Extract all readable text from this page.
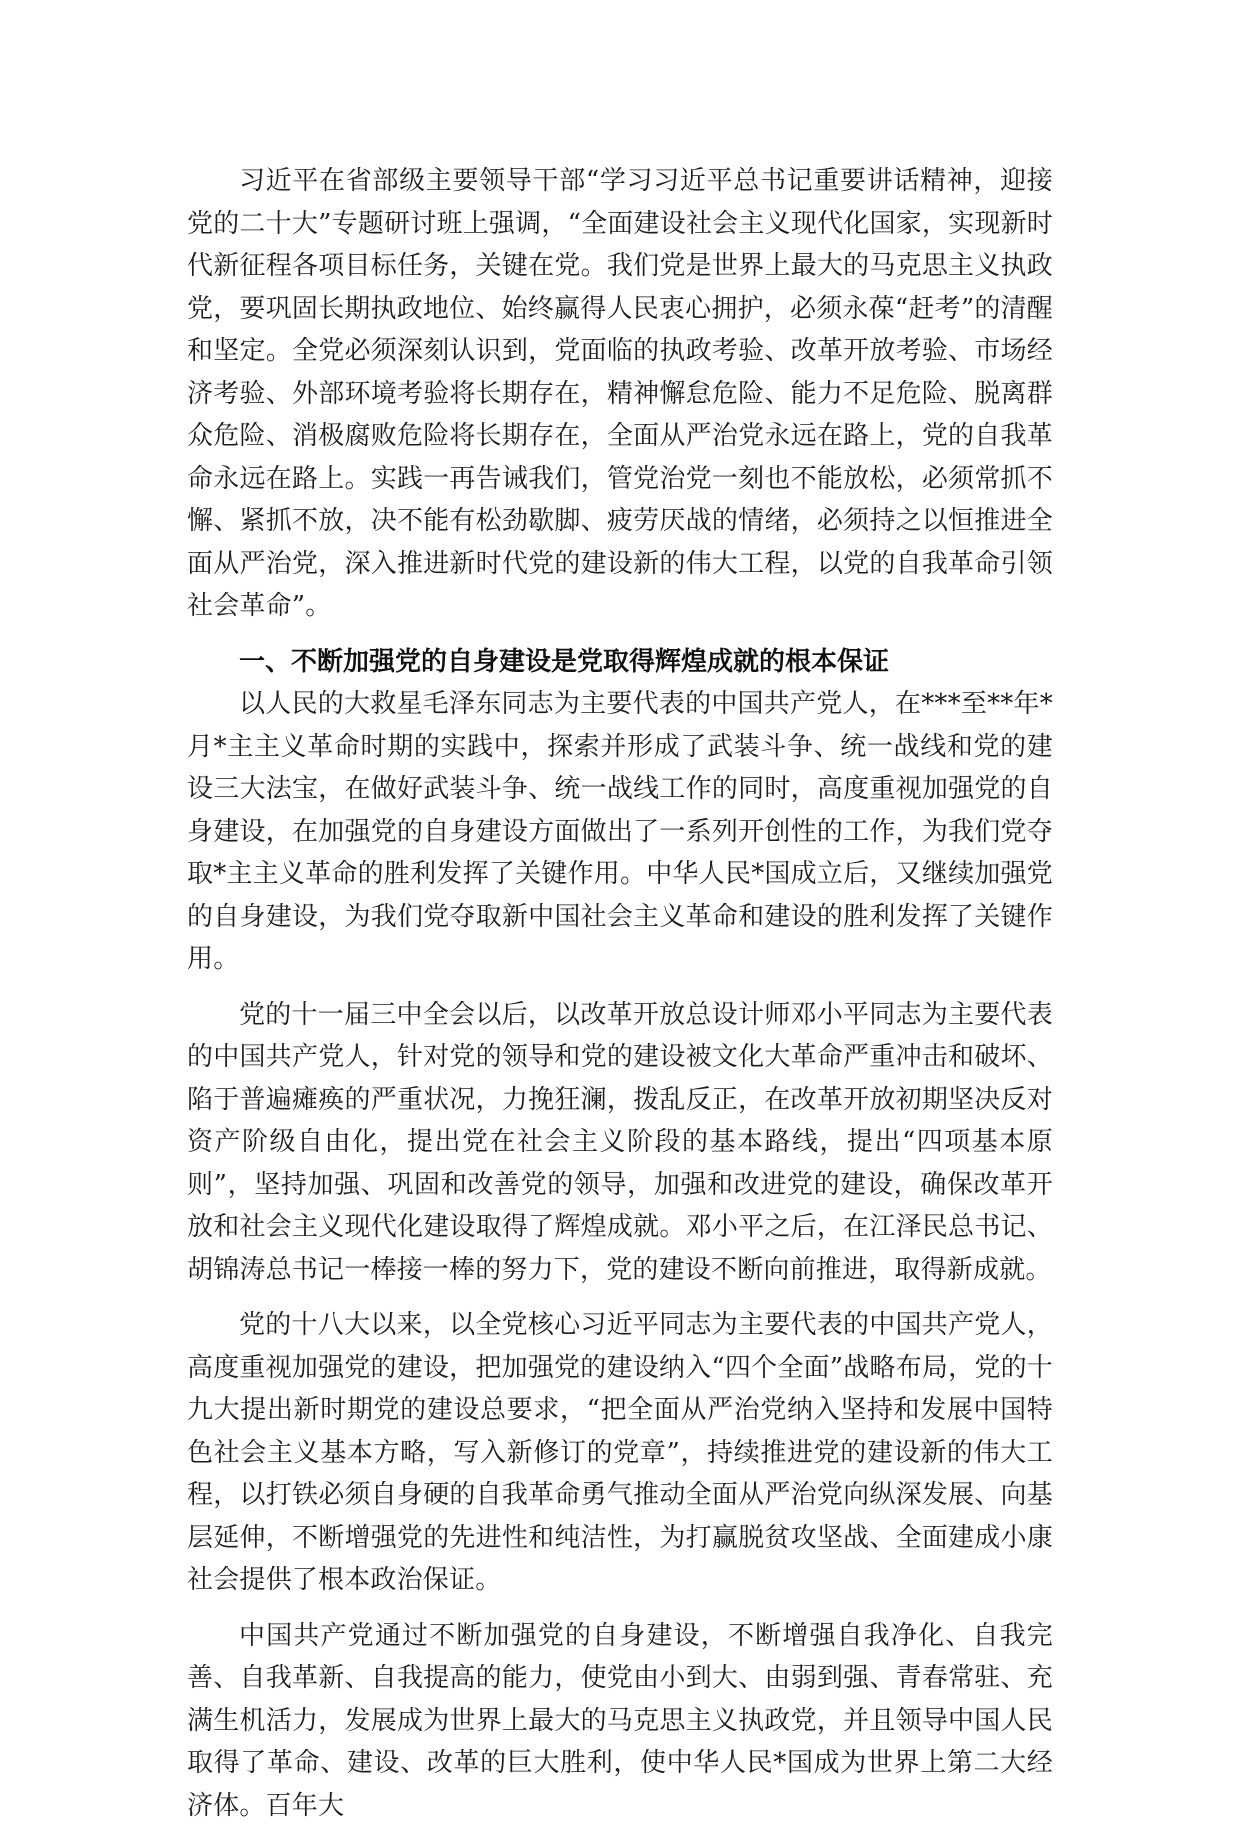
习近平在省部级主要领导干部“学习习近平总书记重要讲话精神，迎接党的二十大”专题研讨班上强调，“全面建设社会主义现代化国家，实现新时代新征程各项目标任务，关键在党。我们党是世界上最大的马克思主义执政党，要巩固长期执政地位、始终赢得人民衷心拥护，必须永葆“赶考”的清醒和坚定。全党必须深刻认识到，党面临的执政考验、改革开放考验、市场经济考验、外部环境考验将长期存在，精神懈怠危险、能力不足危险、脱离群众危险、消极腐败危险将长期存在，全面从严治党永远在路上，党的自我革命永远在路上。实践一再告诫我们，管党治党一刻也不能放松，必须常抓不懈、紧抓不放，决不能有松劲歇脚、疲劳厌战的情绪，必须持之以恒推进全面从严治党，深入推进新时代党的建设新的伟大工程，以党的自我革命引领社会革命”。

一、不断加强党的自身建设是党取得辉煌成就的根本保证

以人民的大救星毛泽东同志为主要代表的中国共产党人，在***至**年*月*主主义革命时期的实践中，探索并形成了武装斗争、统一战线和党的建设三大法宝，在做好武装斗争、统一战线工作的同时，高度重视加强党的自身建设，在加强党的自身建设方面做出了一系列开创性的工作，为我们党夺取*主主义革命的胜利发挥了关键作用。中华人民*国成立后，又继续加强党的自身建设，为我们党夺取新中国社会主义革命和建设的胜利发挥了关键作用。

党的十一届三中全会以后，以改革开放总设计师邓小平同志为主要代表的中国共产党人，针对党的领导和党的建设被文化大革命严重冲击和破坏、陷于普遍瘫痪的严重状况，力挽狂澜，拨乱反正，在改革开放初期坚决反对资产阶级自由化，提出党在社会主义阶段的基本路线，提出“四项基本原则”，坚持加强、巩固和改善党的领导，加强和改进党的建设，确保改革开放和社会主义现代化建设取得了辉煌成就。邓小平之后，在江泽民总书记、胡锦涛总书记一棒接一棒的努力下，党的建设不断向前推进，取得新成就。

党的十八大以来，以全党核心习近平同志为主要代表的中国共产党人，高度重视加强党的建设，把加强党的建设纳入“四个全面”战略布局，党的十九大提出新时期党的建设总要求，“把全面从严治党纳入坚持和发展中国特色社会主义基本方略，写入新修订的党章”，持续推进党的建设新的伟大工程，以打铁必须自身硬的自我革命勇气推动全面从严治党向纵深发展、向基层延伸，不断增强党的先进性和纯洁性，为打赢脱贫攻坚战、全面建成小康社会提供了根本政治保证。

中国共产党通过不断加强党的自身建设，不断增强自我净化、自我完善、自我革新、自我提高的能力，使党由小到大、由弱到强、青春常驻、充满生机活力，发展成为世界上最大的马克思主义执政党，并且领导中国人民取得了革命、建设、改革的巨大胜利，使中华人民*国成为世界上第二大经济体。百年大
